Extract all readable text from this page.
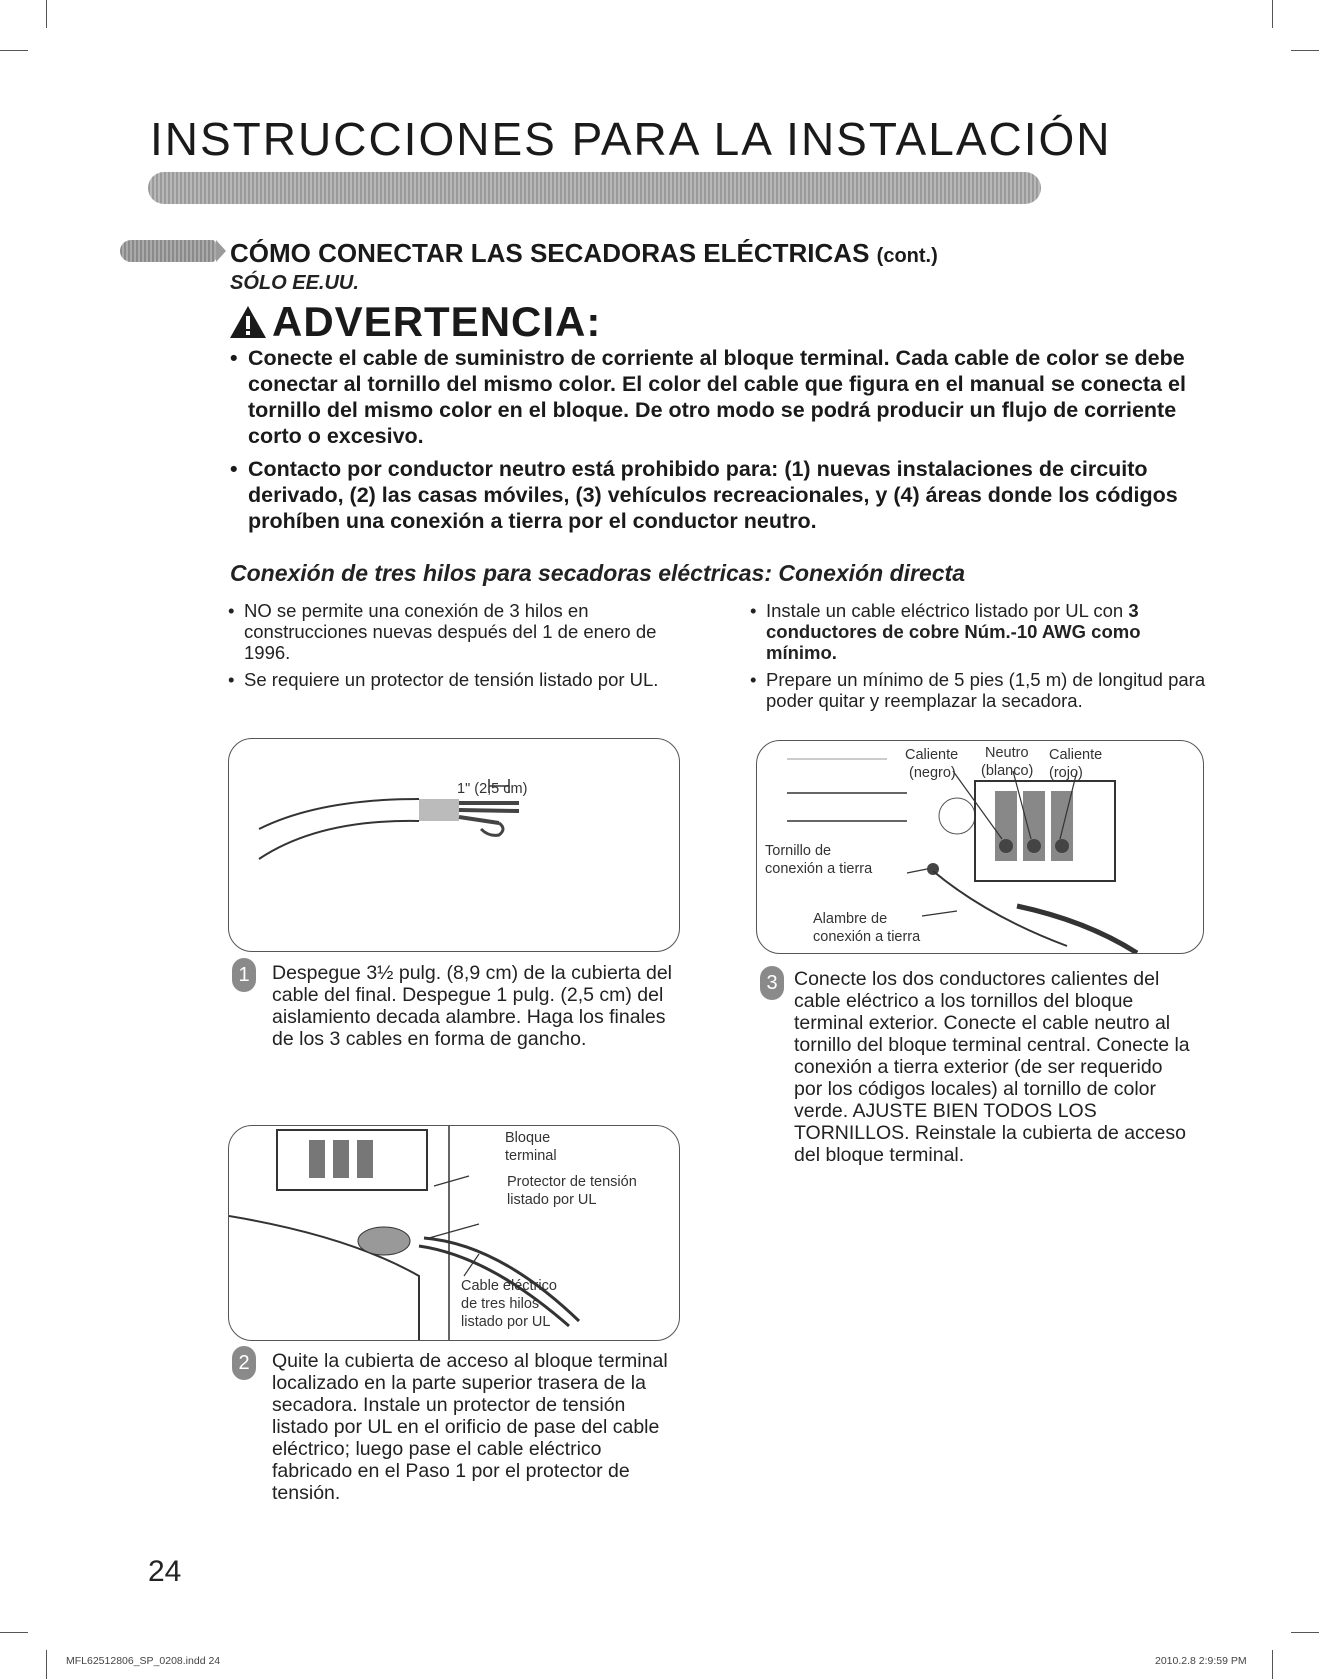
INSTRUCCIONES PARA LA INSTALACIÓN
CÓMO CONECTAR LAS SECADORAS ELÉCTRICAS (cont.)
SÓLO EE.UU.
ADVERTENCIA:
• Conecte el cable de suministro de corriente al bloque terminal. Cada cable de color se debe conectar al tornillo del mismo color. El color del cable que figura en el manual se conecta el tornillo del mismo color en el bloque. De otro modo se podrá producir un flujo de corriente corto o excesivo.
• Contacto por conductor neutro está prohibido para: (1) nuevas instalaciones de circuito derivado, (2) las casas móviles, (3) vehículos recreacionales, y (4) áreas donde los códigos prohíben una conexión a tierra por el conductor neutro.
Conexión de tres hilos para secadoras eléctricas: Conexión directa
• NO se permite una conexión de 3 hilos en construcciones nuevas después del 1 de enero de 1996.
• Se requiere un protector de tensión listado por UL.
• Instale un cable eléctrico listado por UL con 3 conductores de cobre Núm.-10 AWG como mínimo.
• Prepare un mínimo de 5 pies (1,5 m) de longitud para poder quitar y reemplazar la secadora.
1" (2,5 cm)
1	Despegue 3½ pulg. (8,9 cm) de la cubierta del cable del final. Despegue 1 pulg. (2,5 cm) del aislamiento decada alambre. Haga los finales de los 3 cables en forma de gancho.
Bloque
terminal
Protector de tensión
listado por UL
Cable eléctrico
de tres hilos
listado por UL
2	Quite la cubierta de acceso al bloque terminal localizado en la parte superior trasera de la secadora. Instale un protector de tensión listado por UL en el orificio de pase del cable eléctrico; luego pase el cable eléctrico fabricado en el Paso 1 por el protector de tensión.
Caliente
(negro)
Neutro
(blanco)
Caliente
(rojo)
Tornillo de
conexión a tierra
Alambre de
conexión a tierra
3 Conecte los dos conductores calientes del cable eléctrico a los tornillos del bloque terminal exterior. Conecte el cable neutro al tornillo del bloque terminal central. Conecte la conexión a tierra exterior (de ser requerido por los códigos locales) al tornillo de color verde. AJUSTE BIEN TODOS LOS TORNILLOS. Reinstale la cubierta de acceso del bloque terminal.
24
MFL62512806_SP_0208.indd 24	2010.2.8 2:9:59 PM
